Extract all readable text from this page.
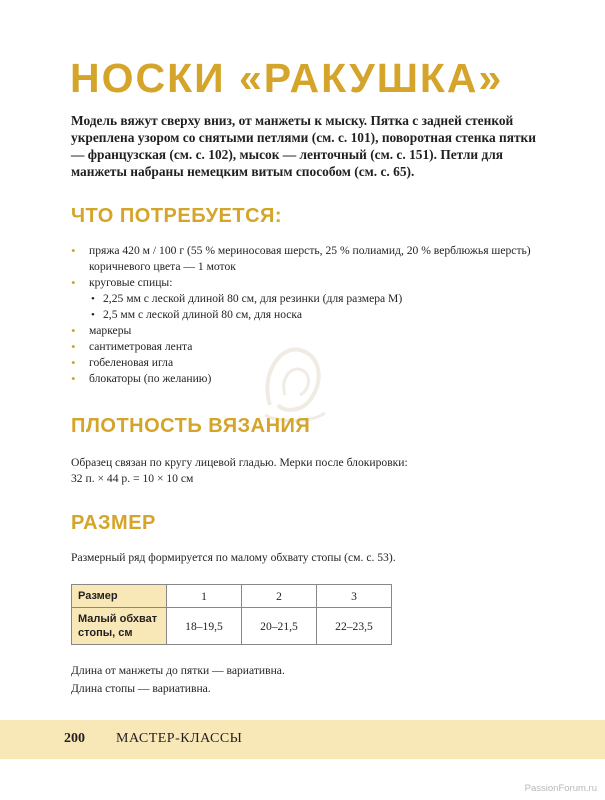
НОСКИ «РАКУШКА»

Модель вяжут сверху вниз, от манжеты к мыску. Пятка с задней стенкой укреплена узором со снятыми петлями (см. с. 101), поворотная стенка пятки — французская (см. с. 102), мысок — ленточный (см. с. 151). Петли для манжеты набраны немецким витым способом (см. с. 65).

ЧТО ПОТРЕБУЕТСЯ:
• пряжа 420 м / 100 г (55 % мериносовая шерсть, 25 % полиамид, 20 % верблюжья шерсть) коричневого цвета — 1 моток
• круговые спицы:
• 2,25 мм с леской длиной 80 см, для резинки (для размера М)
• 2,5 мм с леской длиной 80 см, для носка
• маркеры
• сантиметровая лента
• гобеленовая игла
• блокаторы (по желанию)
ПЛОТНОСТЬ ВЯЗАНИЯ

Образец связан по кругу лицевой гладью. Мерки после блокировки:

32 п. × 44 р. = 10 × 10 см

РАЗМЕР

Размерный ряд формируется по малому обхвату стопы (см. с. 53).

Размер	1	2	3
Малый обхват стопы, см	18–19,5	20–21,5	22–23,5

Длина от манжеты до пятки — вариативна.

Длина стопы — вариативна.

200 МАСТЕР-КЛАССЫ
PassionForum.ru
